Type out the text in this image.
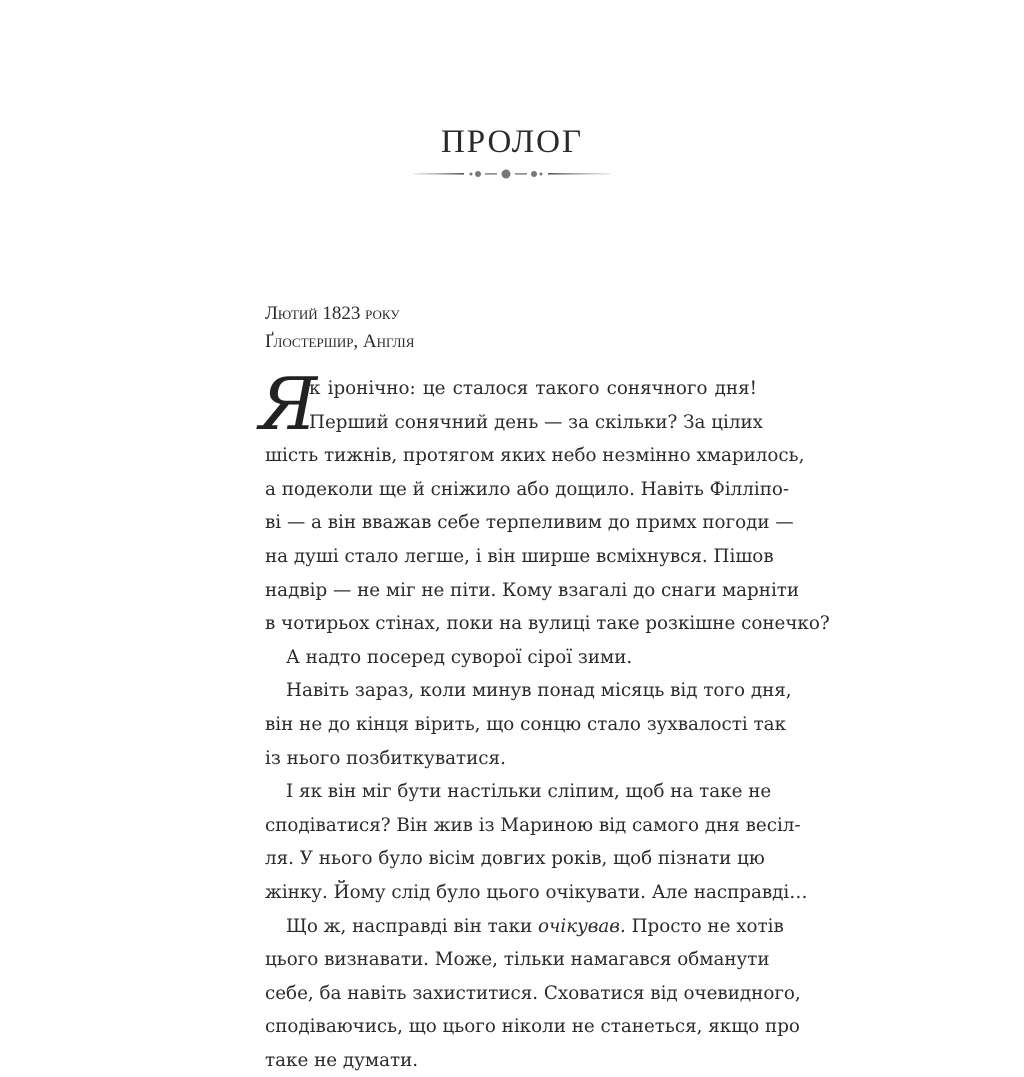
ПРОЛОГ
Лютий 1823 року
Ґлостершир, Англія
Я
к іронічно: це сталося такого сонячного дня!
Перший сонячний день — за скільки? За цілих
шість тижнів, протягом яких небо незмінно хмарилось,
а подеколи ще й сніжило або дощило. Навіть Філліпо-
ві — а він вважав себе терпеливим до примх погоди —
на душі стало легше, і він ширше всміхнувся. Пішов
надвір — не міг не піти. Кому взагалі до снаги марніти
в чотирьох стінах, поки на вулиці таке розкішне сонечко?
А надто посеред суворої сірої зими.
Навіть зараз, коли минув понад місяць від того дня,
він не до кінця вірить, що сонцю стало зухвалості так
із нього позбиткуватися.
І як він міг бути настільки сліпим, щоб на таке не
сподіватися? Він жив із Мариною від самого дня весіл-
ля. У нього було вісім довгих років, щоб пізнати цю
жінку. Йому слід було цього очікувати. Але насправді…
Що ж, насправді він таки очікував. Просто не хотів
цього визнавати. Може, тільки намагався обманути
себе, ба навіть захиститися. Сховатися від очевидного,
сподіваючись, що цього ніколи не станеться, якщо про
таке не думати.
